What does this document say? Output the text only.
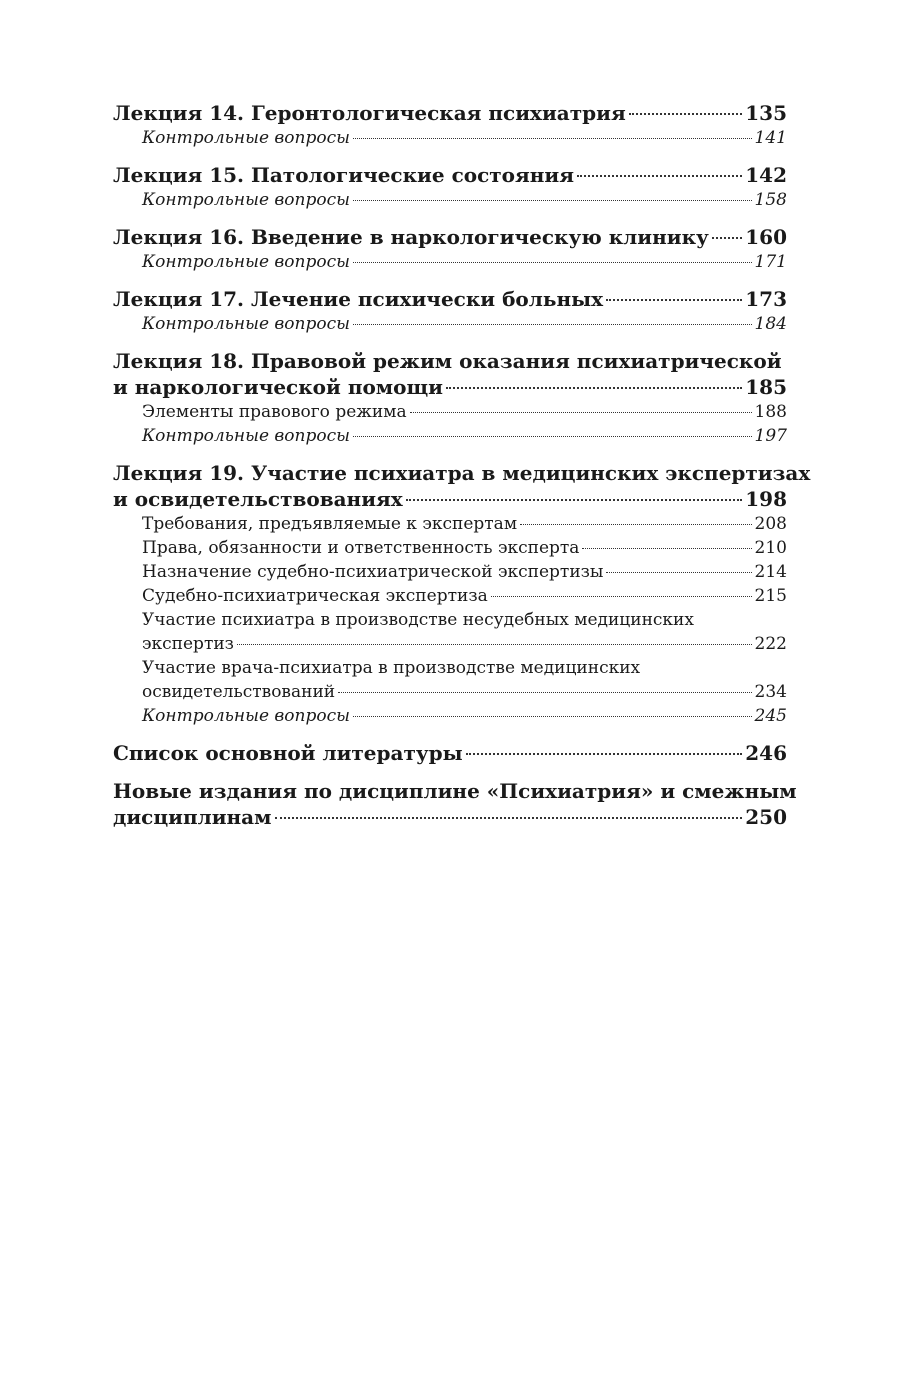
Лекция 14. Геронтологическая психиатрия	135
Контрольные вопросы	141
Лекция 15. Патологические состояния	142
Контрольные вопросы	158
Лекция 16. Введение в наркологическую клинику 160
Контрольные вопросы	171
Лекция 17. Лечение психически больных	173
Контрольные вопросы	184
Лекция 18. Правовой режим оказания психиатрической
и наркологической помощи	185
Элементы правового режима	188
Контрольные вопросы	197
Лекция 19. Участие психиатра в медицинских экспертизах
и освидетельствованиях	198
Требования, предъявляемые к экспертам	208
Права, обязанности и ответственность эксперта	210
Назначение судебно-психиатрической экспертизы	214
Судебно-психиатрическая экспертиза	215
Участие психиатра в производстве несудебных медицинских
экспертиз	222
Участие врача-психиатра в производстве медицинских
освидетельствований	234
Контрольные вопросы	245
Список основной литературы	246
Новые издания по дисциплине «Психиатрия» и смежным
дисциплинам	250
